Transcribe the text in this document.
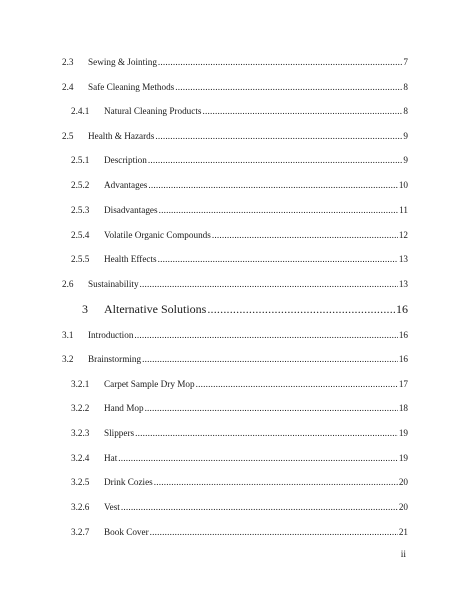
2.3 Sewing & Jointing .....	7
2.4 Safe Cleaning Methods .....	8
2.4.1 Natural Cleaning Products .....	8
2.5 Health & Hazards .....	9
2.5.1 Description .....	9
2.5.2 Advantages .....	10
2.5.3 Disadvantages .....	11
2.5.4 Volatile Organic Compounds .....	12
2.5.5 Health Effects .....	13
2.6 Sustainability .....	13
3 Alternative Solutions .....	16
3.1 Introduction .....	16
3.2 Brainstorming .....	16
3.2.1 Carpet Sample Dry Mop .....	17
3.2.2 Hand Mop .....	18
3.2.3 Slippers .....	19
3.2.4 Hat .....	19
3.2.5 Drink Cozies .....	20
3.2.6 Vest .....	20
3.2.7 Book Cover .....	21
ii
